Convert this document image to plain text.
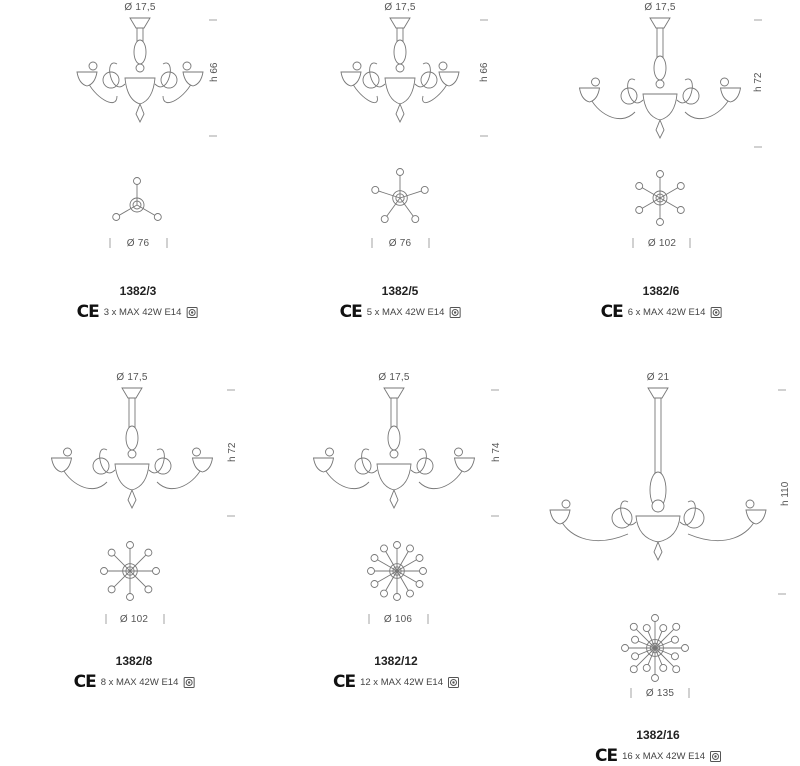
Ø 17,5
h 66
Ø 76
1382/3
CE 3 x MAX 42W E14
Ø 17,5
h 66
Ø 76
1382/5
CE 5 x MAX 42W E14
Ø 17,5
h 72
Ø 102
1382/6
CE 6 x MAX 42W E14
Ø 17,5
h 72
Ø 102
1382/8
CE 8 x MAX 42W E14
Ø 17,5
h 74
Ø 106
1382/12
CE 12 x MAX 42W E14
Ø 21
h 110
Ø 135
1382/16
CE 16 x MAX 42W E14
